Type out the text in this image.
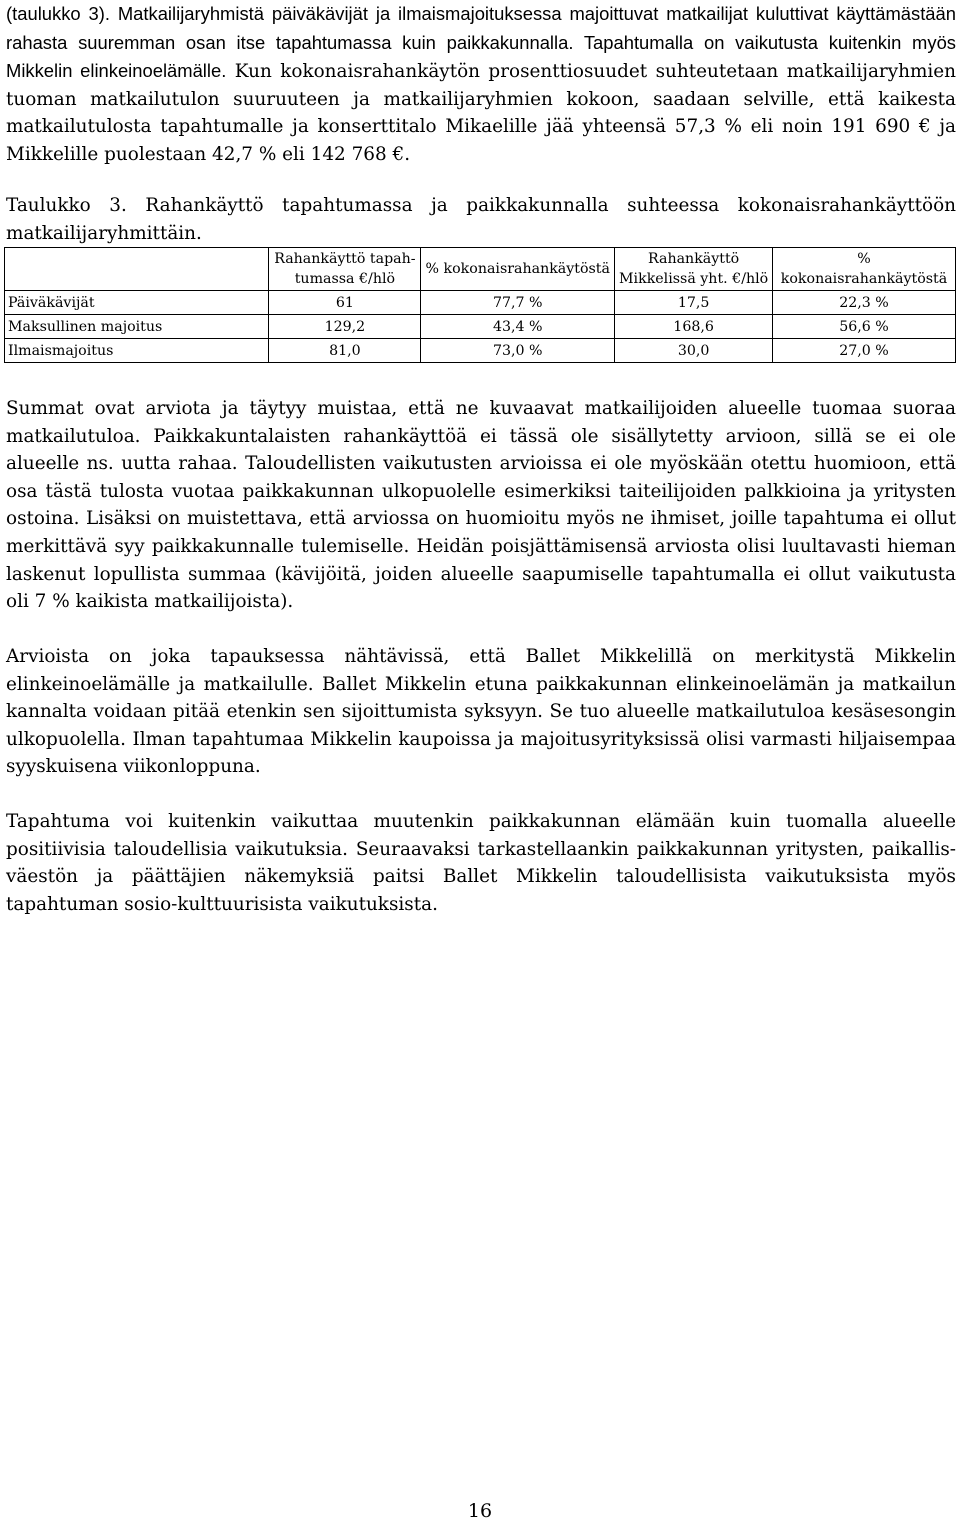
(taulukko 3). Matkailijaryhmistä päiväkävijät ja ilmaismajoituksessa majoittuvat matkailijat kuluttivat käyttämästään rahasta suuremman osan itse tapahtumassa kuin paikkakunnalla. Tapahtumalla on vaikutusta kuitenkin myös Mikkelin elinkeinoelämälle. Kun kokonaisrahankäytön prosenttiosuudet suhteutetaan matkailijaryhmien tuoman matkailutulon suuruuteen ja matkailijaryhmien kokoon, saadaan selville, että kaikesta matkailutulosta tapahtumalle ja konserttitalo Mikaelille jää yhteensä 57,3 % eli noin 191 690 € ja Mikkelille puolestaan 42,7 % eli 142 768 €.

Taulukko 3. Rahankäyttö tapahtumassa ja paikkakunnalla suhteessa kokonaisrahankäyttöön matkailijaryhmittäin.

	Rahankäyttö tapah-tumassa €/hlö	% kokonaisrahankäytöstä	Rahankäyttö Mikkelissä yht. €/hlö	% kokonaisrahankäytöstä
Päiväkävijät	61	77,7 %	17,5	22,3 %
Maksullinen majoitus	129,2	43,4 %	168,6	56,6 %
Ilmaismajoitus	81,0	73,0 %	30,0	27,0 %

Summat ovat arviota ja täytyy muistaa, että ne kuvaavat matkailijoiden alueelle tuomaa suoraa matkailutuloa. Paikkakuntalaisten rahankäyttöä ei tässä ole sisällytetty arvioon, sillä se ei ole alueelle ns. uutta rahaa. Taloudellisten vaikutusten arvioissa ei ole myöskään otettu huomioon, että osa tästä tulosta vuotaa paikkakunnan ulkopuolelle esimerkiksi taiteilijoiden palkkioina ja yritysten ostoina. Lisäksi on muistettava, että arviossa on huomioitu myös ne ihmiset, joille tapahtuma ei ollut merkittävä syy paikkakunnalle tulemiselle. Heidän poisjättämisensä arviosta olisi luultavasti hieman laskenut lopullista summaa (kävijöitä, joiden alueelle saapumiselle tapahtumalla ei ollut vaikutusta oli 7 % kaikista matkailijoista).

Arvioista on joka tapauksessa nähtävissä, että Ballet Mikkelillä on merkitystä Mikkelin elinkeinoelämälle ja matkailulle. Ballet Mikkelin etuna paikkakunnan elinkeinoelämän ja matkailun kannalta voidaan pitää etenkin sen sijoittumista syksyyn. Se tuo alueelle matkailutuloa kesäsesongin ulkopuolella. Ilman tapahtumaa Mikkelin kaupoissa ja majoitusyrityksissä olisi varmasti hiljaisempaa syyskuisena viikonloppuna.

Tapahtuma voi kuitenkin vaikuttaa muutenkin paikkakunnan elämään kuin tuomalla alueelle positiivisia taloudellisia vaikutuksia. Seuraavaksi tarkastellaankin paikkakunnan yritysten, paikallis-väestön ja päättäjien näkemyksiä paitsi Ballet Mikkelin taloudellisista vaikutuksista myös tapahtuman sosio-kulttuurisista vaikutuksista.

16
